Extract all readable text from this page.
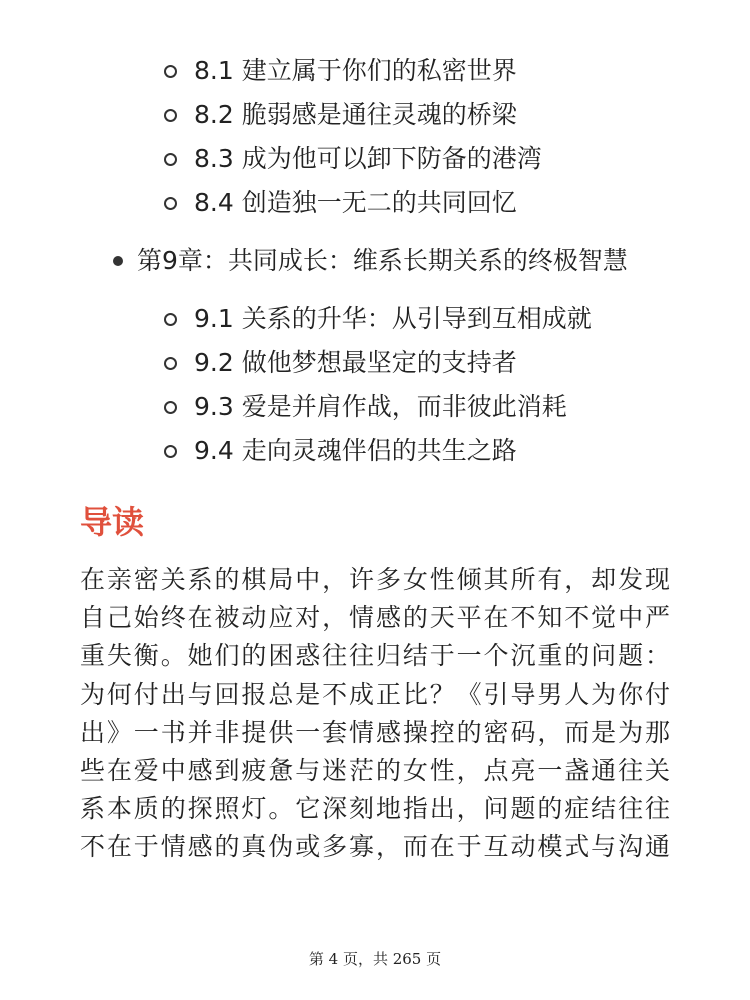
8.1 建立属于你们的私密世界
8.2 脆弱感是通往灵魂的桥梁
8.3 成为他可以卸下防备的港湾
8.4 创造独一无二的共同回忆
第9章：共同成长：维系长期关系的终极智慧
9.1 关系的升华：从引导到互相成就
9.2 做他梦想最坚定的支持者
9.3 爱是并肩作战，而非彼此消耗
9.4 走向灵魂伴侣的共生之路
导读
在亲密关系的棋局中，许多女性倾其所有，却发现
自己始终在被动应对，情感的天平在不知不觉中严
重失衡。她们的困惑往往归结于一个沉重的问题：
为何付出与回报总是不成正比？《引导男人为你付
出》一书并非提供一套情感操控的密码，而是为那
些在爱中感到疲惫与迷茫的女性，点亮一盏通往关
系本质的探照灯。它深刻地指出，问题的症结往往
不在于情感的真伪或多寡，而在于互动模式与沟通
第 4 页，共 265 页
